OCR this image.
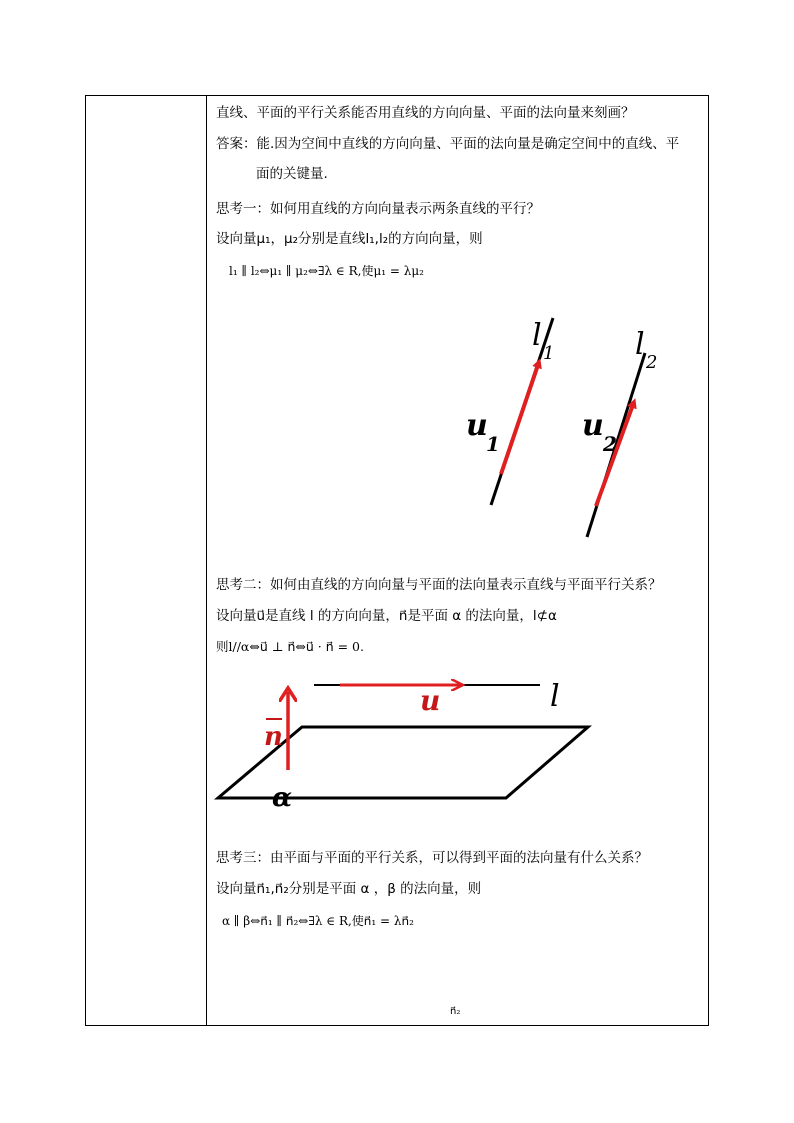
直线、平面的平行关系能否用直线的方向向量、平面的法向量来刻画？
答案：能.因为空间中直线的方向向量、平面的法向量是确定空间中的直线、平
面的关键量.
思考一：如何用直线的方向向量表示两条直线的平行？
设向量μ₁，μ₂分别是直线l₁,l₂的方向向量，则
l₁ ∥ l₂⇔μ₁ ∥ μ₂⇔∃λ ∈ R,使μ₁ = λμ₂
l
1	l
2
u
1
u
2
思考二：如何由直线的方向向量与平面的法向量表示直线与平面平行关系？
设向量u⃗是直线 l 的方向向量，n⃗是平面 α 的法向量，l⊄α
则l//α⇔u⃗ ⊥ n⃗⇔u⃗ · n⃗ = 0.
u	l
n
α
思考三：由平面与平面的平行关系，可以得到平面的法向量有什么关系？
设向量n⃗₁,n⃗₂分别是平面 α ，β 的法向量，则
α ∥ β⇔n⃗₁ ∥ n⃗₂⇔∃λ ∈ R,使n⃗₁ = λn⃗₂
n⃗₂
